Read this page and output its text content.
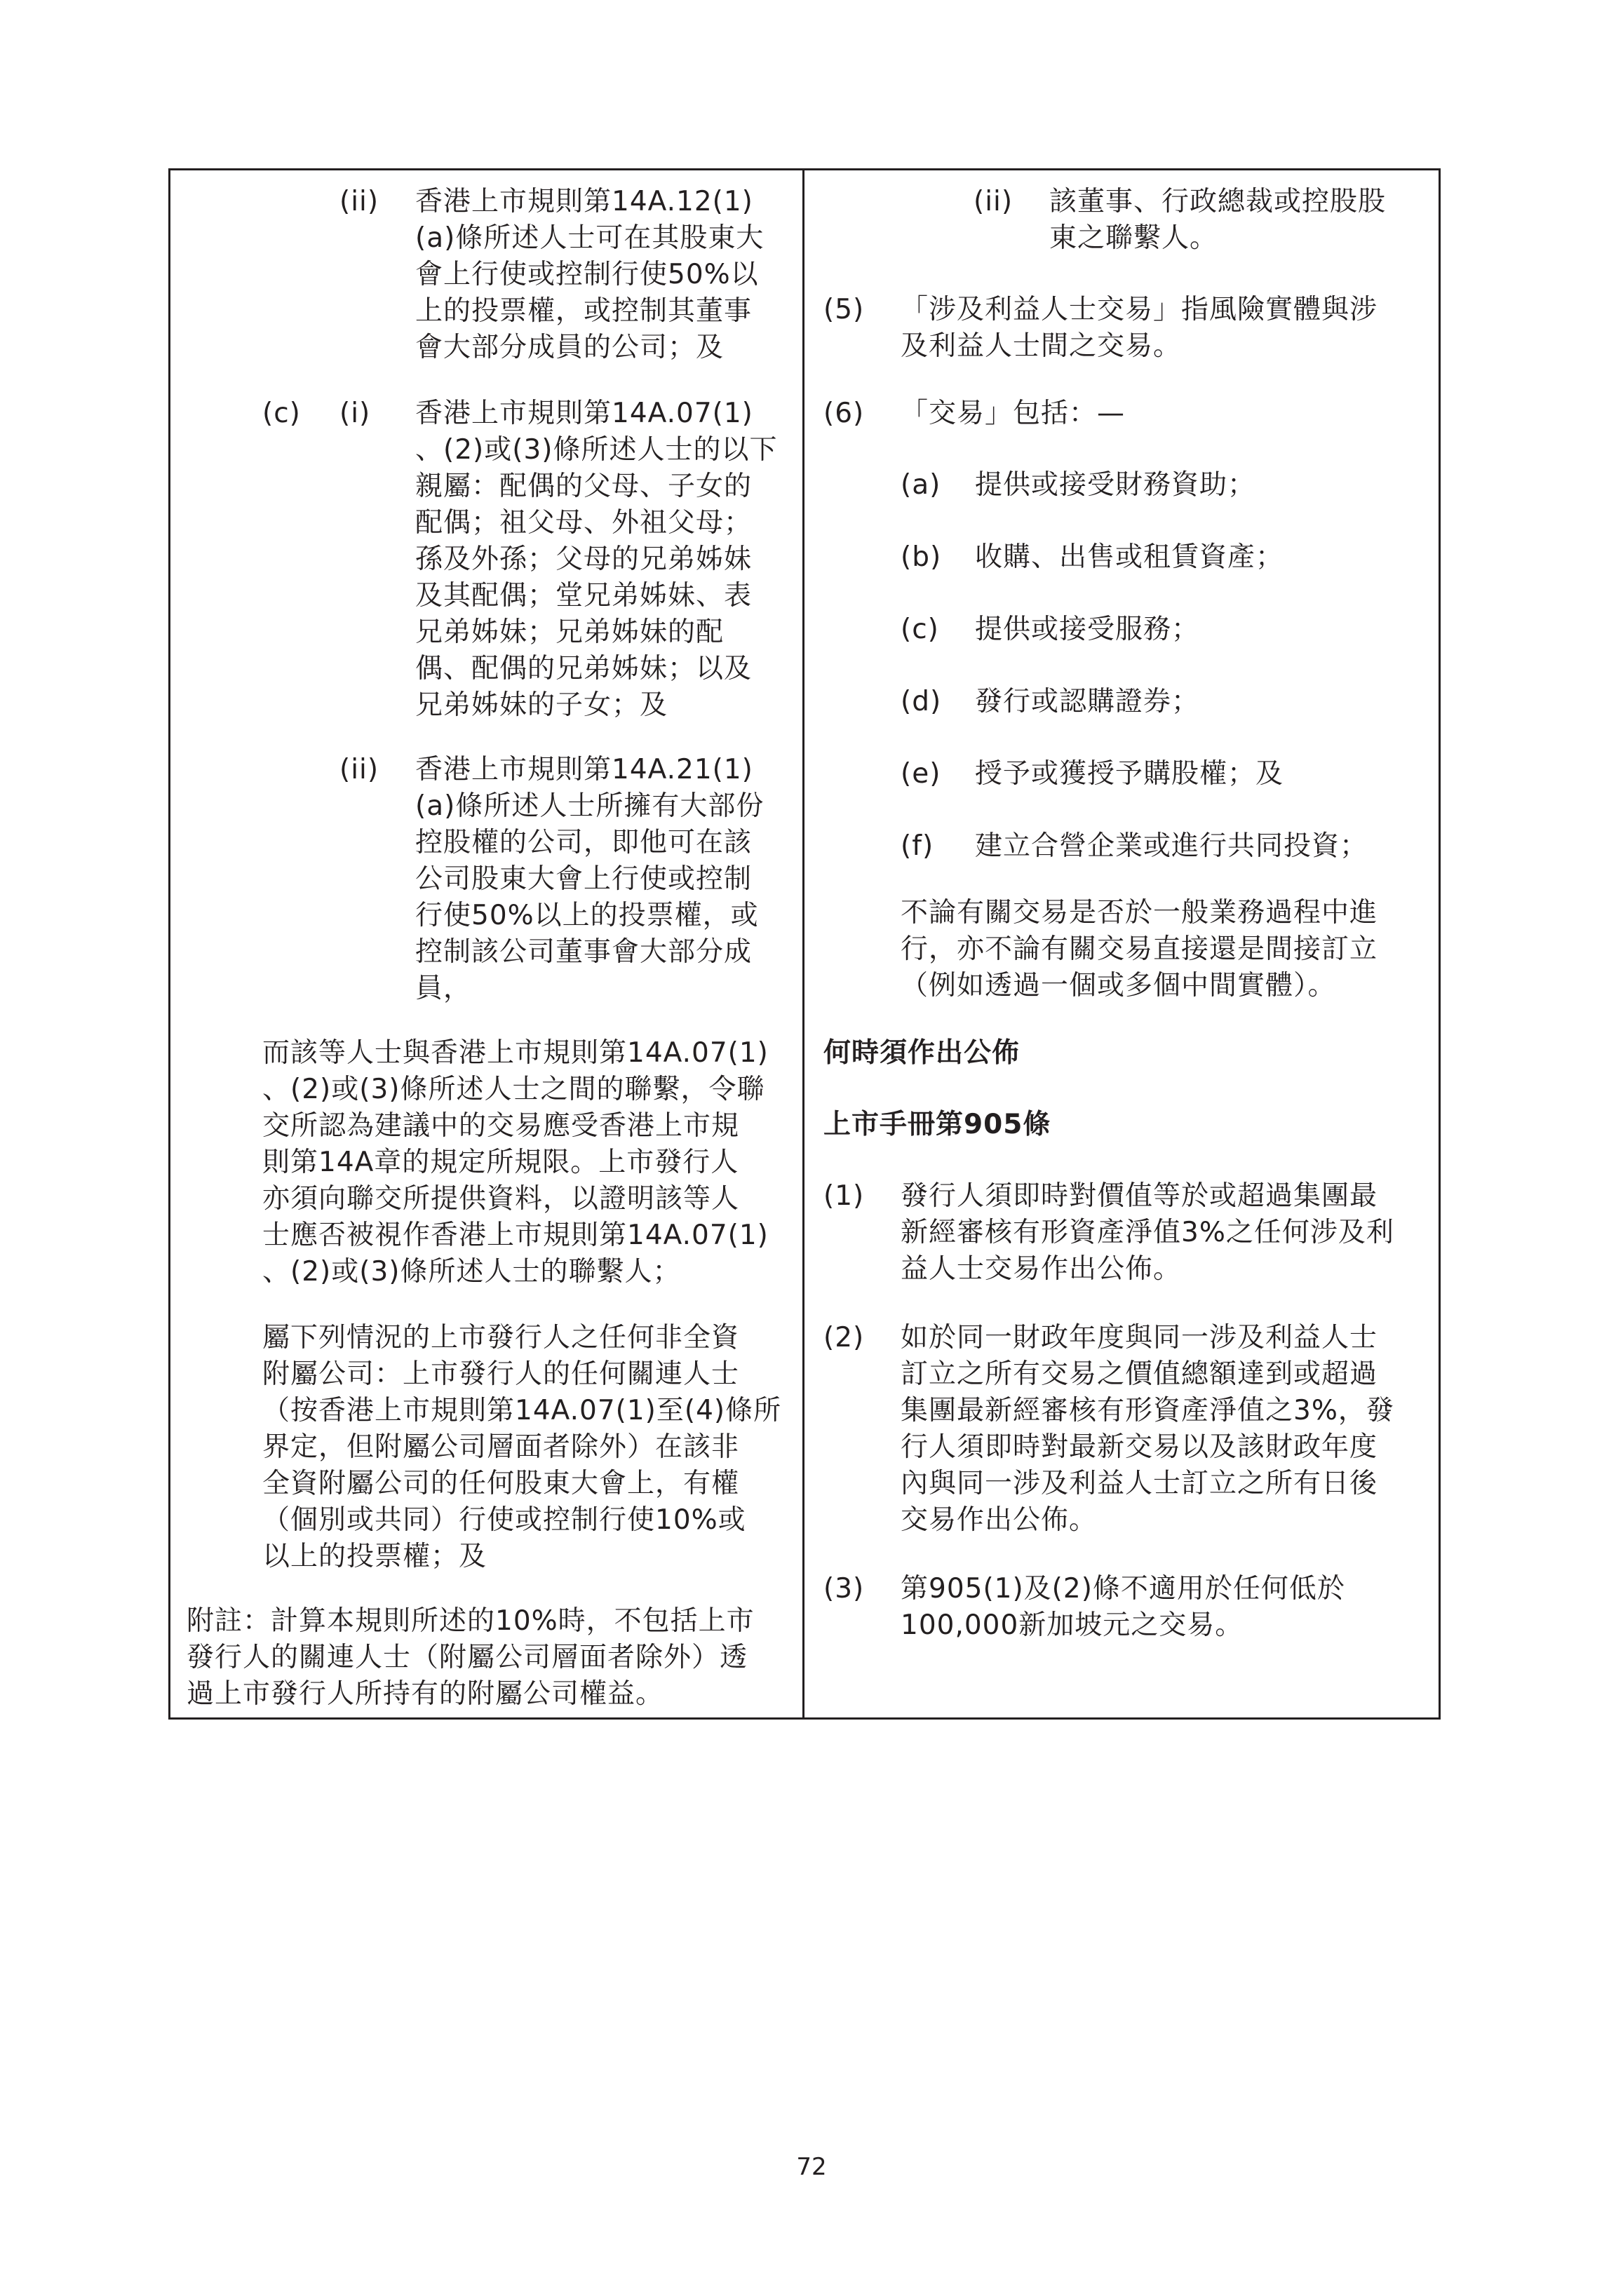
(ii) 香港上市規則第14A.12(1)
(a)條所述人士可在其股東大
會上行使或控制行使50%以
上的投票權，或控制其董事
會大部分成員的公司；及
(c) (i) 香港上市規則第14A.07(1)
、(2)或(3)條所述人士的以下
親屬：配偶的父母、子女的
配偶；祖父母、外祖父母；
孫及外孫；父母的兄弟姊妹
及其配偶；堂兄弟姊妹、表
兄弟姊妹；兄弟姊妹的配
偶、配偶的兄弟姊妹；以及
兄弟姊妹的子女；及
(ii) 香港上市規則第14A.21(1)
(a)條所述人士所擁有大部份
控股權的公司，即他可在該
公司股東大會上行使或控制
行使50%以上的投票權，或
控制該公司董事會大部分成
員，
而該等人士與香港上市規則第14A.07(1)
、(2)或(3)條所述人士之間的聯繫，令聯
交所認為建議中的交易應受香港上市規
則第14A章的規定所規限。上市發行人
亦須向聯交所提供資料，以證明該等人
士應否被視作香港上市規則第14A.07(1)
、(2)或(3)條所述人士的聯繫人；
屬下列情況的上市發行人之任何非全資
附屬公司：上市發行人的任何關連人士
（按香港上市規則第14A.07(1)至(4)條所
界定，但附屬公司層面者除外）在該非
全資附屬公司的任何股東大會上，有權
（個別或共同）行使或控制行使10%或
以上的投票權；及
附註：計算本規則所述的10%時，不包括上市
發行人的關連人士（附屬公司層面者除外）透
過上市發行人所持有的附屬公司權益。
(ii) 該董事、行政總裁或控股股
東之聯繫人。
(5) 「涉及利益人士交易」指風險實體與涉
及利益人士間之交易。
(6) 「交易」包括：—
(a) 提供或接受財務資助；
(b) 收購、出售或租賃資產；
(c) 提供或接受服務；
(d) 發行或認購證券；
(e) 授予或獲授予購股權；及
(f) 建立合營企業或進行共同投資；
不論有關交易是否於一般業務過程中進
行，亦不論有關交易直接還是間接訂立
（例如透過一個或多個中間實體）。
何時須作出公佈
上市手冊第905條
(1) 發行人須即時對價值等於或超過集團最
新經審核有形資產淨值3%之任何涉及利
益人士交易作出公佈。
(2) 如於同一財政年度與同一涉及利益人士
訂立之所有交易之價值總額達到或超過
集團最新經審核有形資產淨值之3%，發
行人須即時對最新交易以及該財政年度
內與同一涉及利益人士訂立之所有日後
交易作出公佈。
(3) 第905(1)及(2)條不適用於任何低於
100,000新加坡元之交易。
72
